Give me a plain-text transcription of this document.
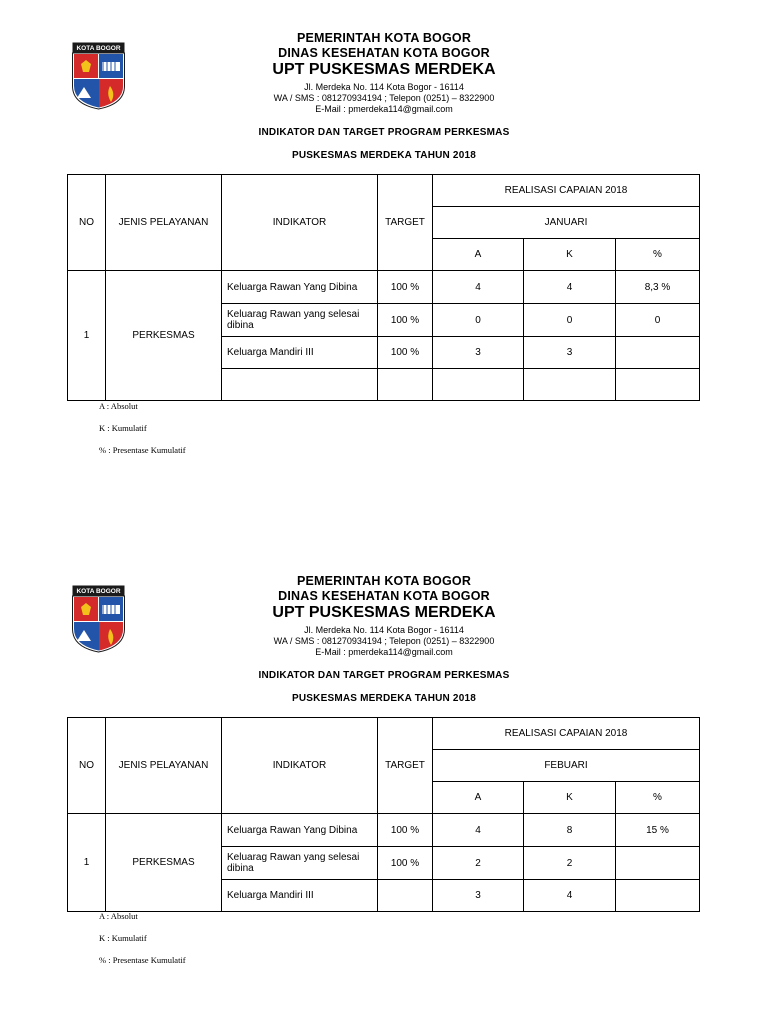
KOTA BOGOR
PEMERINTAH KOTA BOGOR
DINAS KESEHATAN KOTA BOGOR
UPT PUSKESMAS MERDEKA
Jl. Merdeka No. 114 Kota Bogor - 16114
WA / SMS : 081270934194 ; Telepon (0251) – 8322900
E-Mail : pmerdeka114@gmail.com
INDIKATOR DAN TARGET PROGRAM PERKESMAS
PUSKESMAS MERDEKA TAHUN 2018
NO	JENIS PELAYANAN	INDIKATOR	TARGET	REALISASI CAPAIAN 2018		
				JANUARI		
				A	K	%
1	PERKESMAS	Keluarga Rawan Yang Dibina	100 %	4	4	8,3 %
		Keluarag Rawan yang selesai dibina	100 %	0	0	0
		Keluarga Mandiri III	100 %	3	3	

A : Absolut
K : Kumulatif
% : Presentase Kumulatif
KOTA BOGOR
PEMERINTAH KOTA BOGOR
DINAS KESEHATAN KOTA BOGOR
UPT PUSKESMAS MERDEKA
Jl. Merdeka No. 114 Kota Bogor - 16114
WA / SMS : 081270934194 ; Telepon (0251) – 8322900
E-Mail : pmerdeka114@gmail.com
INDIKATOR DAN TARGET PROGRAM PERKESMAS
PUSKESMAS MERDEKA TAHUN 2018
NO	JENIS PELAYANAN	INDIKATOR	TARGET	REALISASI CAPAIAN 2018		
				FEBUARI		
				A	K	%
1	PERKESMAS	Keluarga Rawan Yang Dibina	100 %	4	8	15 %
		Keluarag Rawan yang selesai dibina	100 %	2	2	
		Keluarga Mandiri III		3	4	
A : Absolut
K : Kumulatif
% : Presentase Kumulatif
